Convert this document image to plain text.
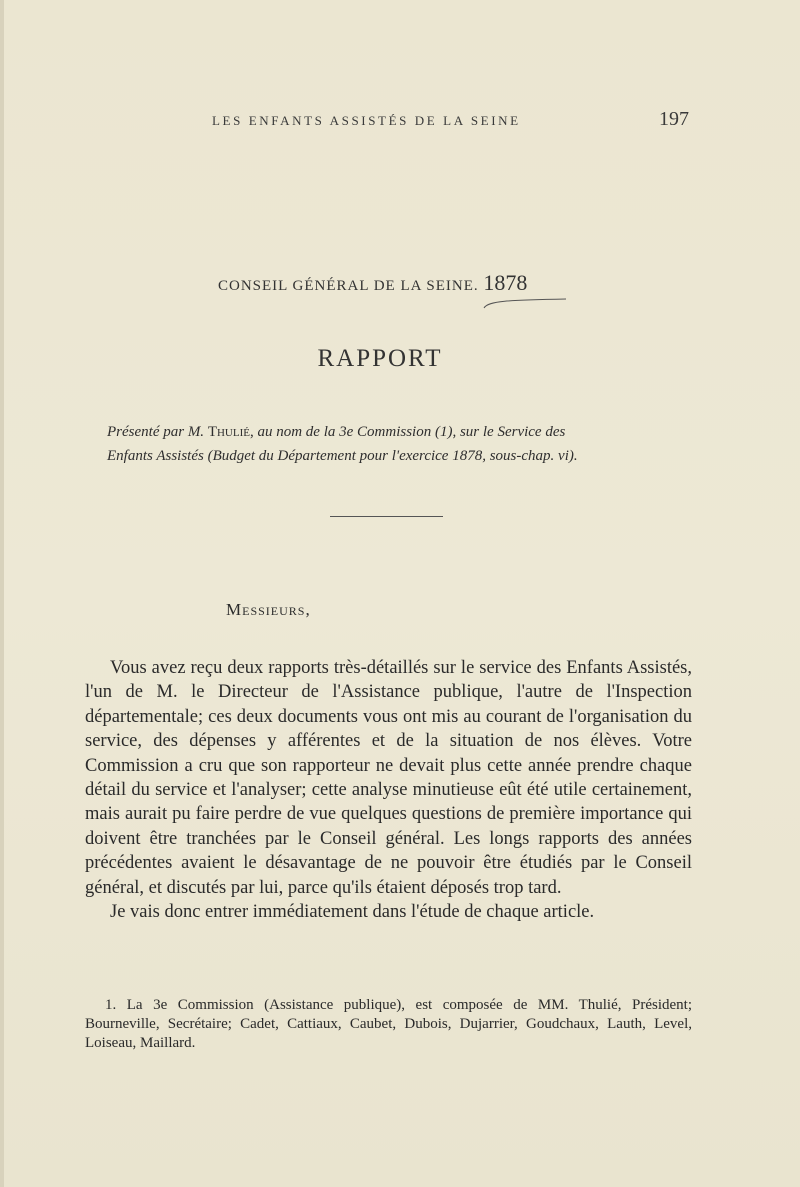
LES ENFANTS ASSISTÉS DE LA SEINE	197
CONSEIL GÉNÉRAL DE LA SEINE. 1878
RAPPORT

Présenté par M. Thulié, au nom de la 3e Commission (1), sur le Service des

Enfants Assistés (Budget du Département pour l'exercice 1878, sous-chap. vi).

Messieurs,

Vous avez reçu deux rapports très-détaillés sur le service des Enfants Assistés, l'un de M. le Directeur de l'Assistance publique, l'autre de l'Inspection départementale; ces deux documents vous ont mis au courant de l'organisation du service, des dépenses y afférentes et de la situation de nos élèves. Votre Commission a cru que son rapporteur ne devait plus cette année prendre chaque détail du service et l'analyser; cette analyse minutieuse eût été utile certainement, mais aurait pu faire perdre de vue quelques questions de première importance qui doivent être tranchées par le Conseil général. Les longs rapports des années précédentes avaient le désavantage de ne pouvoir être étudiés par le Conseil général, et discutés par lui, parce qu'ils étaient déposés trop tard.

Je vais donc entrer immédiatement dans l'étude de chaque article.

1. La 3e Commission (Assistance publique), est composée de MM. Thulié, Président; Bourneville, Secrétaire; Cadet, Cattiaux, Caubet, Dubois, Dujarrier, Goudchaux, Lauth, Level, Loiseau, Maillard.
